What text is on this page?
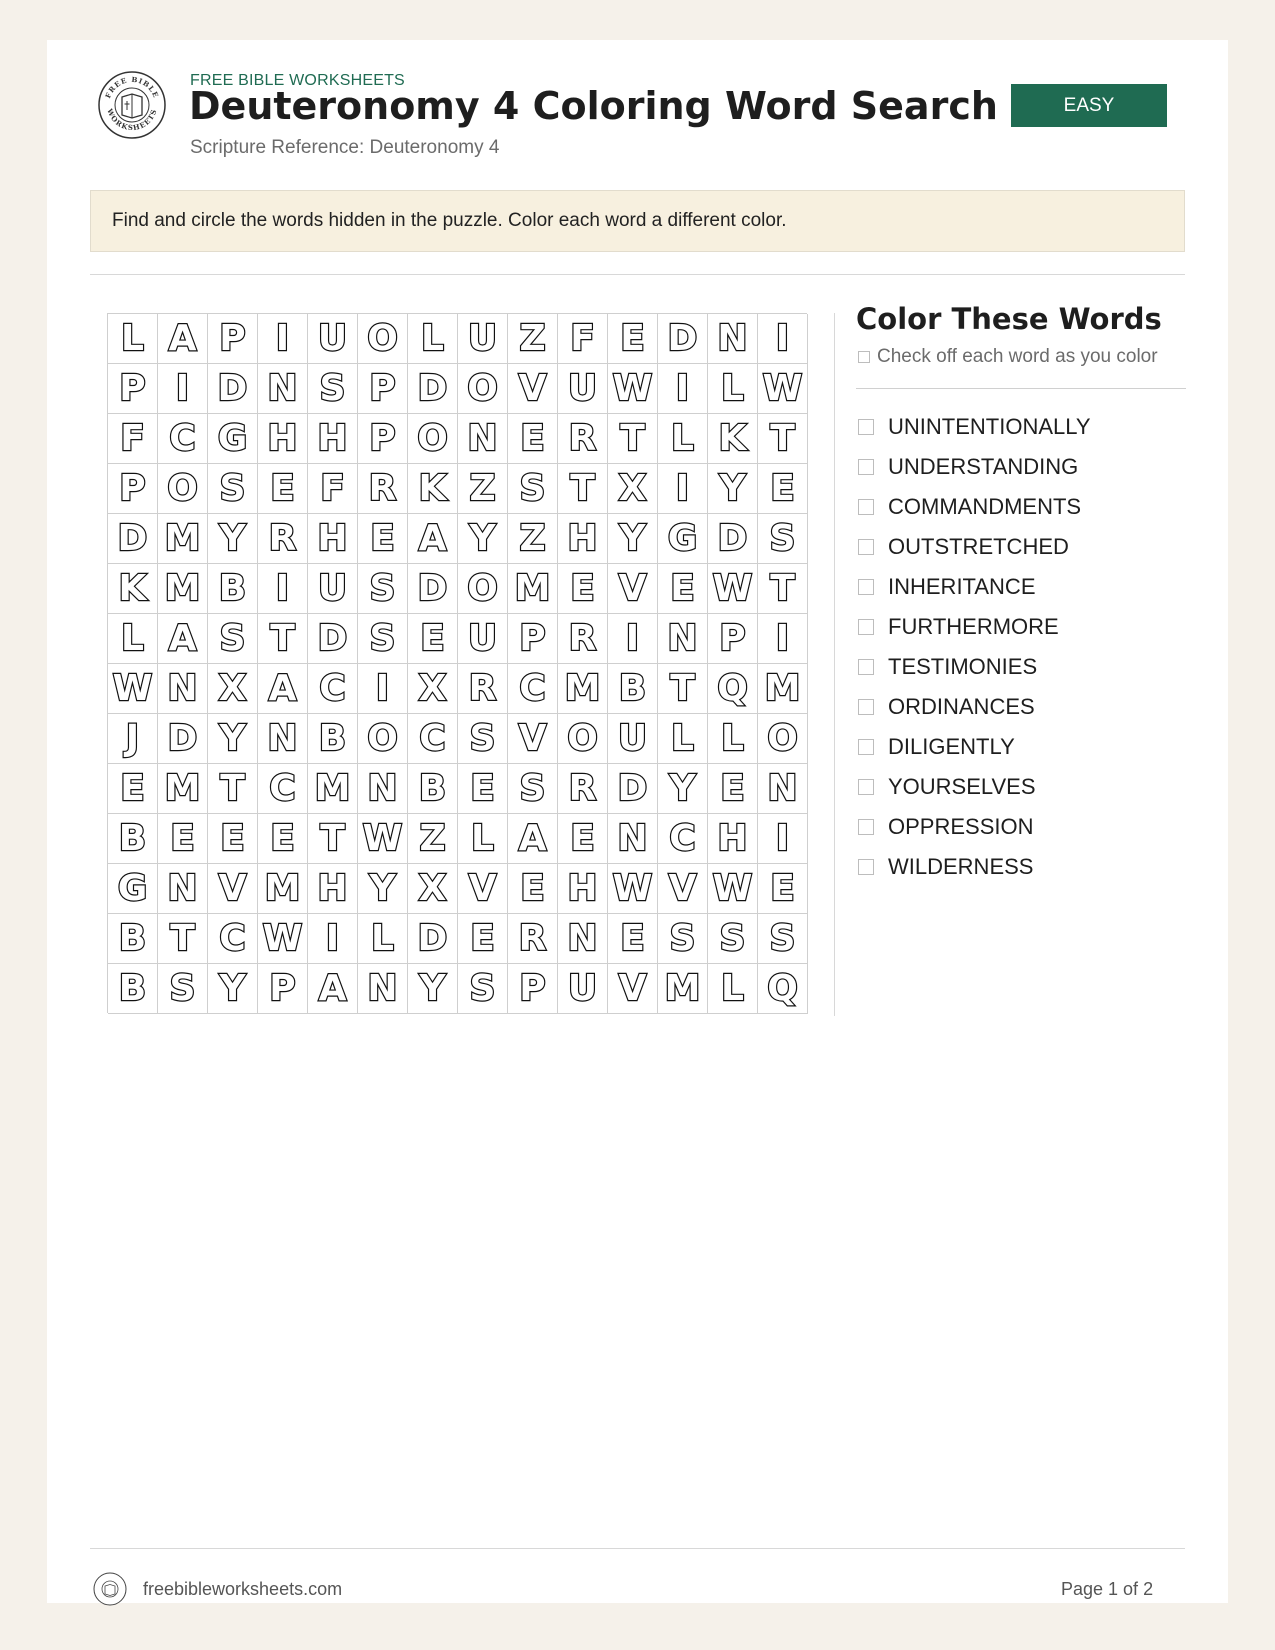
FREE BIBLE
WORKSHEETS
FREE BIBLE WORKSHEETS
Deuteronomy 4 Coloring Word Search
Scripture Reference: Deuteronomy 4
EASY
Find and circle the words hidden in the puzzle. Color each word a different color.
L A P I U O L U Z F E D N I
P I D N S P D O V U W I L W
F C G H H P O N E R T L K T
P O S E F R K Z S T X I Y E
D M Y R H E A Y Z H Y G D S
K M B I U S D O M E V E W T
L A S T D S E U P R I N P I
W N X A C I X R C M B T Q M
J D Y N B O C S V O U L L O
E M T C M N B E S R D Y E N
B E E E T W Z L A E N C H I
G N V M H Y X V E H W V W E
B T C W I L D E R N E S S S
B S Y P A N Y S P U V M L Q
Color These Words
Check off each word as you color
UNINTENTIONALLY
UNDERSTANDING
COMMANDMENTS
OUTSTRETCHED
INHERITANCE
FURTHERMORE
TESTIMONIES
ORDINANCES
DILIGENTLY
YOURSELVES
OPPRESSION
WILDERNESS
freebibleworksheets.com	Page 1 of 2
